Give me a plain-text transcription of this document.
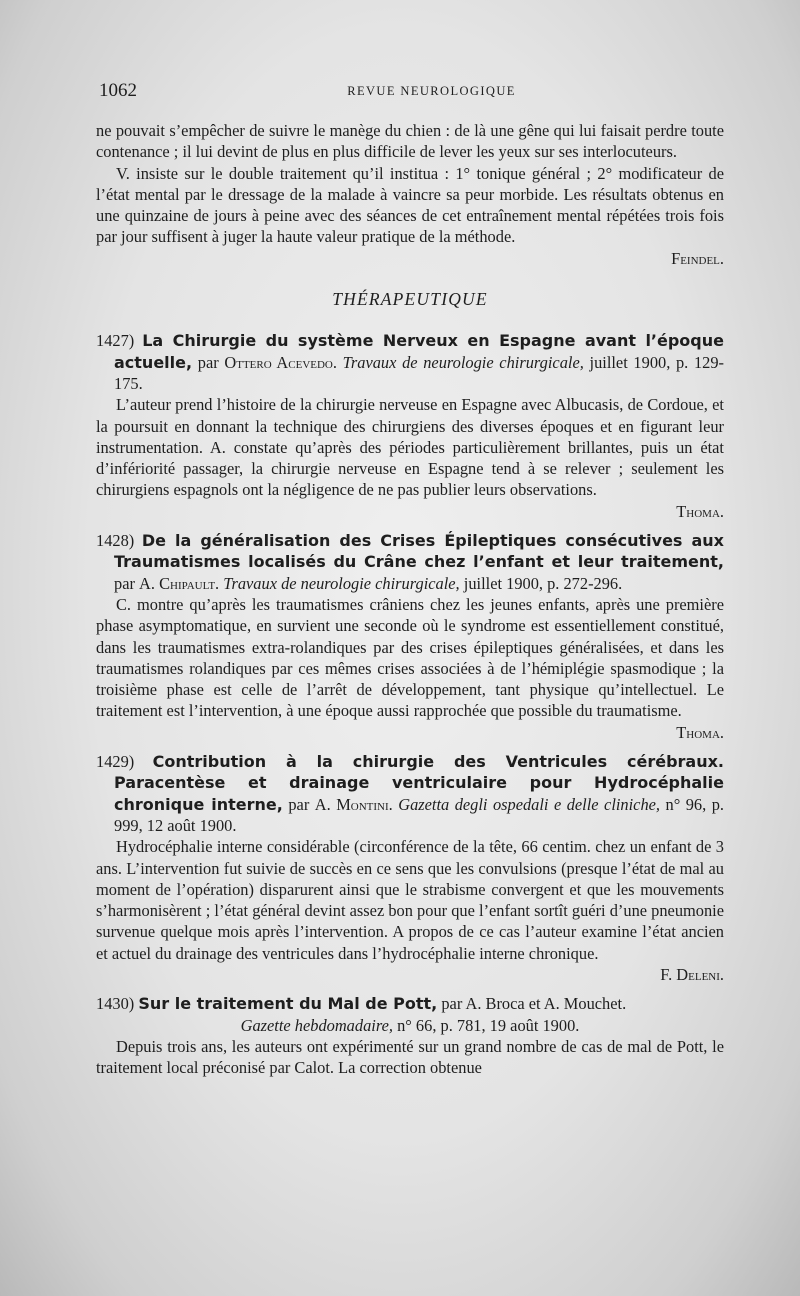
1062	REVUE NEUROLOGIQUE

ne pouvait s’empêcher de suivre le manège du chien : de là une gêne qui lui faisait perdre toute contenance ; il lui devint de plus en plus difficile de lever les yeux sur ses interlocuteurs.

V. insiste sur le double traitement qu’il institua : 1° tonique général ; 2° modificateur de l’état mental par le dressage de la malade à vaincre sa peur morbide. Les résultats obtenus en une quinzaine de jours à peine avec des séances de cet entraînement mental répétées trois fois par jour suffisent à juger la haute valeur pratique de la méthode.

Feindel.

THÉRAPEUTIQUE

1427) La Chirurgie du système Nerveux en Espagne avant l’époque actuelle, par Ottero Acevedo. Travaux de neurologie chirurgicale, juillet 1900, p. 129-175.

L’auteur prend l’histoire de la chirurgie nerveuse en Espagne avec Albucasis, de Cordoue, et la poursuit en donnant la technique des chirurgiens des diverses époques et en figurant leur instrumentation. A. constate qu’après des périodes particulièrement brillantes, puis un état d’infériorité passager, la chirurgie nerveuse en Espagne tend à se relever ; seulement les chirurgiens espagnols ont la négligence de ne pas publier leurs observations.

Thoma.

1428) De la généralisation des Crises Épileptiques consécutives aux Traumatismes localisés du Crâne chez l’enfant et leur traitement, par A. Chipault. Travaux de neurologie chirurgicale, juillet 1900, p. 272-296.

C. montre qu’après les traumatismes crâniens chez les jeunes enfants, après une première phase asymptomatique, en survient une seconde où le syndrome est essentiellement constitué, dans les traumatismes extra-rolandiques par des crises épileptiques généralisées, et dans les traumatismes rolandiques par ces mêmes crises associées à de l’hémiplégie spasmodique ; la troisième phase est celle de l’arrêt de développement, tant physique qu’intellectuel. Le traitement est l’intervention, à une époque aussi rapprochée que possible du traumatisme.

Thoma.

1429) Contribution à la chirurgie des Ventricules cérébraux. Paracentèse et drainage ventriculaire pour Hydrocéphalie chronique interne, par A. Montini. Gazetta degli ospedali e delle cliniche, n° 96, p. 999, 12 août 1900.

Hydrocéphalie interne considérable (circonférence de la tête, 66 centim. chez un enfant de 3 ans. L’intervention fut suivie de succès en ce sens que les convulsions (presque l’état de mal au moment de l’opération) disparurent ainsi que le strabisme convergent et que les mouvements s’harmonisèrent ; l’état général devint assez bon pour que l’enfant sortît guéri d’une pneumonie survenue quelque mois après l’intervention. A propos de ce cas l’auteur examine l’état ancien et actuel du drainage des ventricules dans l’hydrocéphalie interne chronique.

F. Deleni.

1430) Sur le traitement du Mal de Pott, par A. Broca et A. Mouchet.

Gazette hebdomadaire, n° 66, p. 781, 19 août 1900.

Depuis trois ans, les auteurs ont expérimenté sur un grand nombre de cas de mal de Pott, le traitement local préconisé par Calot. La correction obtenue
